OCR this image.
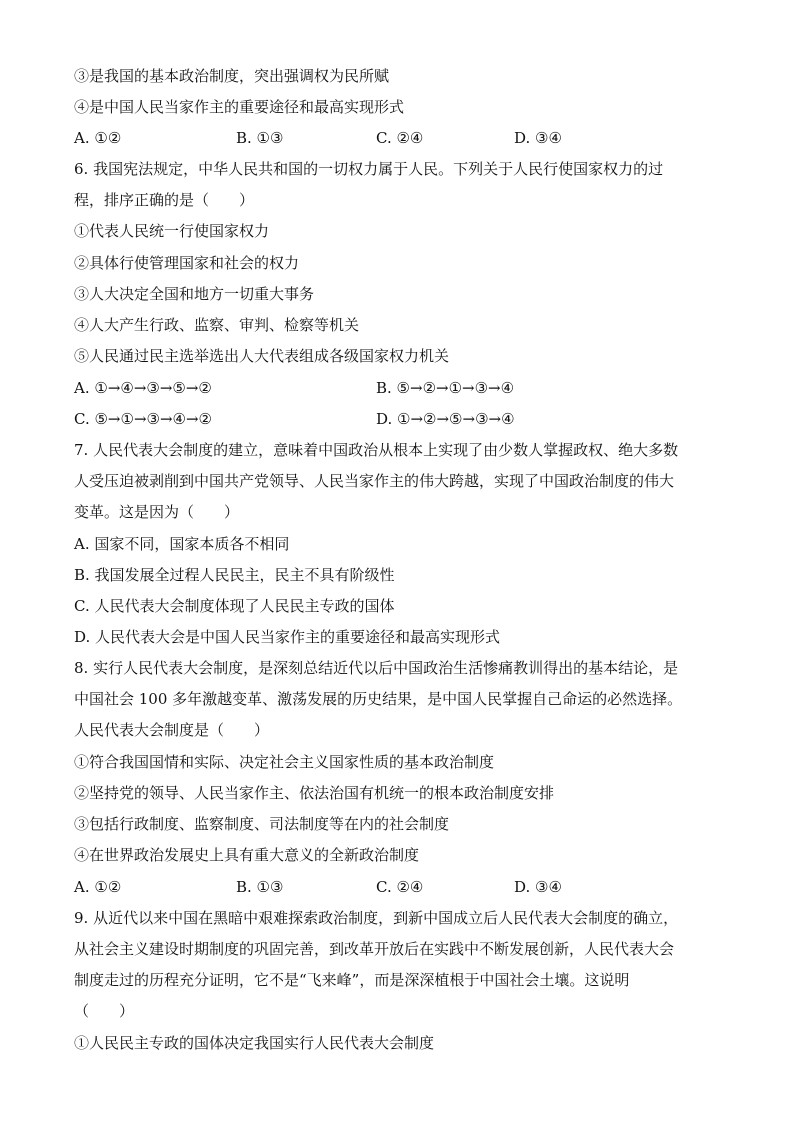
③是我国的基本政治制度，突出强调权为民所赋
④是中国人民当家作主的重要途径和最高实现形式
A. ①②	B. ①③	C. ②④	D. ③④
6. 我国宪法规定，中华人民共和国的一切权力属于人民。下列关于人民行使国家权力的过
程，排序正确的是（　　）
①代表人民统一行使国家权力
②具体行使管理国家和社会的权力
③人大决定全国和地方一切重大事务
④人大产生行政、监察、审判、检察等机关
⑤人民通过民主选举选出人大代表组成各级国家权力机关
A. ①→④→③→⑤→②	B. ⑤→②→①→③→④
C. ⑤→①→③→④→②	D. ①→②→⑤→③→④
7. 人民代表大会制度的建立，意味着中国政治从根本上实现了由少数人掌握政权、绝大多数
人受压迫被剥削到中国共产党领导、人民当家作主的伟大跨越，实现了中国政治制度的伟大
变革。这是因为（　　）
A. 国家不同，国家本质各不相同
B. 我国发展全过程人民民主，民主不具有阶级性
C. 人民代表大会制度体现了人民民主专政的国体
D. 人民代表大会是中国人民当家作主的重要途径和最高实现形式
8. 实行人民代表大会制度，是深刻总结近代以后中国政治生活惨痛教训得出的基本结论，是
中国社会 100 多年激越变革、激荡发展的历史结果，是中国人民掌握自己命运的必然选择。
人民代表大会制度是（　　）
①符合我国国情和实际、决定社会主义国家性质的基本政治制度
②坚持党的领导、人民当家作主、依法治国有机统一的根本政治制度安排
③包括行政制度、监察制度、司法制度等在内的社会制度
④在世界政治发展史上具有重大意义的全新政治制度
A. ①②	B. ①③	C. ②④	D. ③④
9. 从近代以来中国在黑暗中艰难探索政治制度，到新中国成立后人民代表大会制度的确立，
从社会主义建设时期制度的巩固完善，到改革开放后在实践中不断发展创新，人民代表大会
制度走过的历程充分证明，它不是“飞来峰”，而是深深植根于中国社会土壤。这说明
（　　）
①人民民主专政的国体决定我国实行人民代表大会制度
